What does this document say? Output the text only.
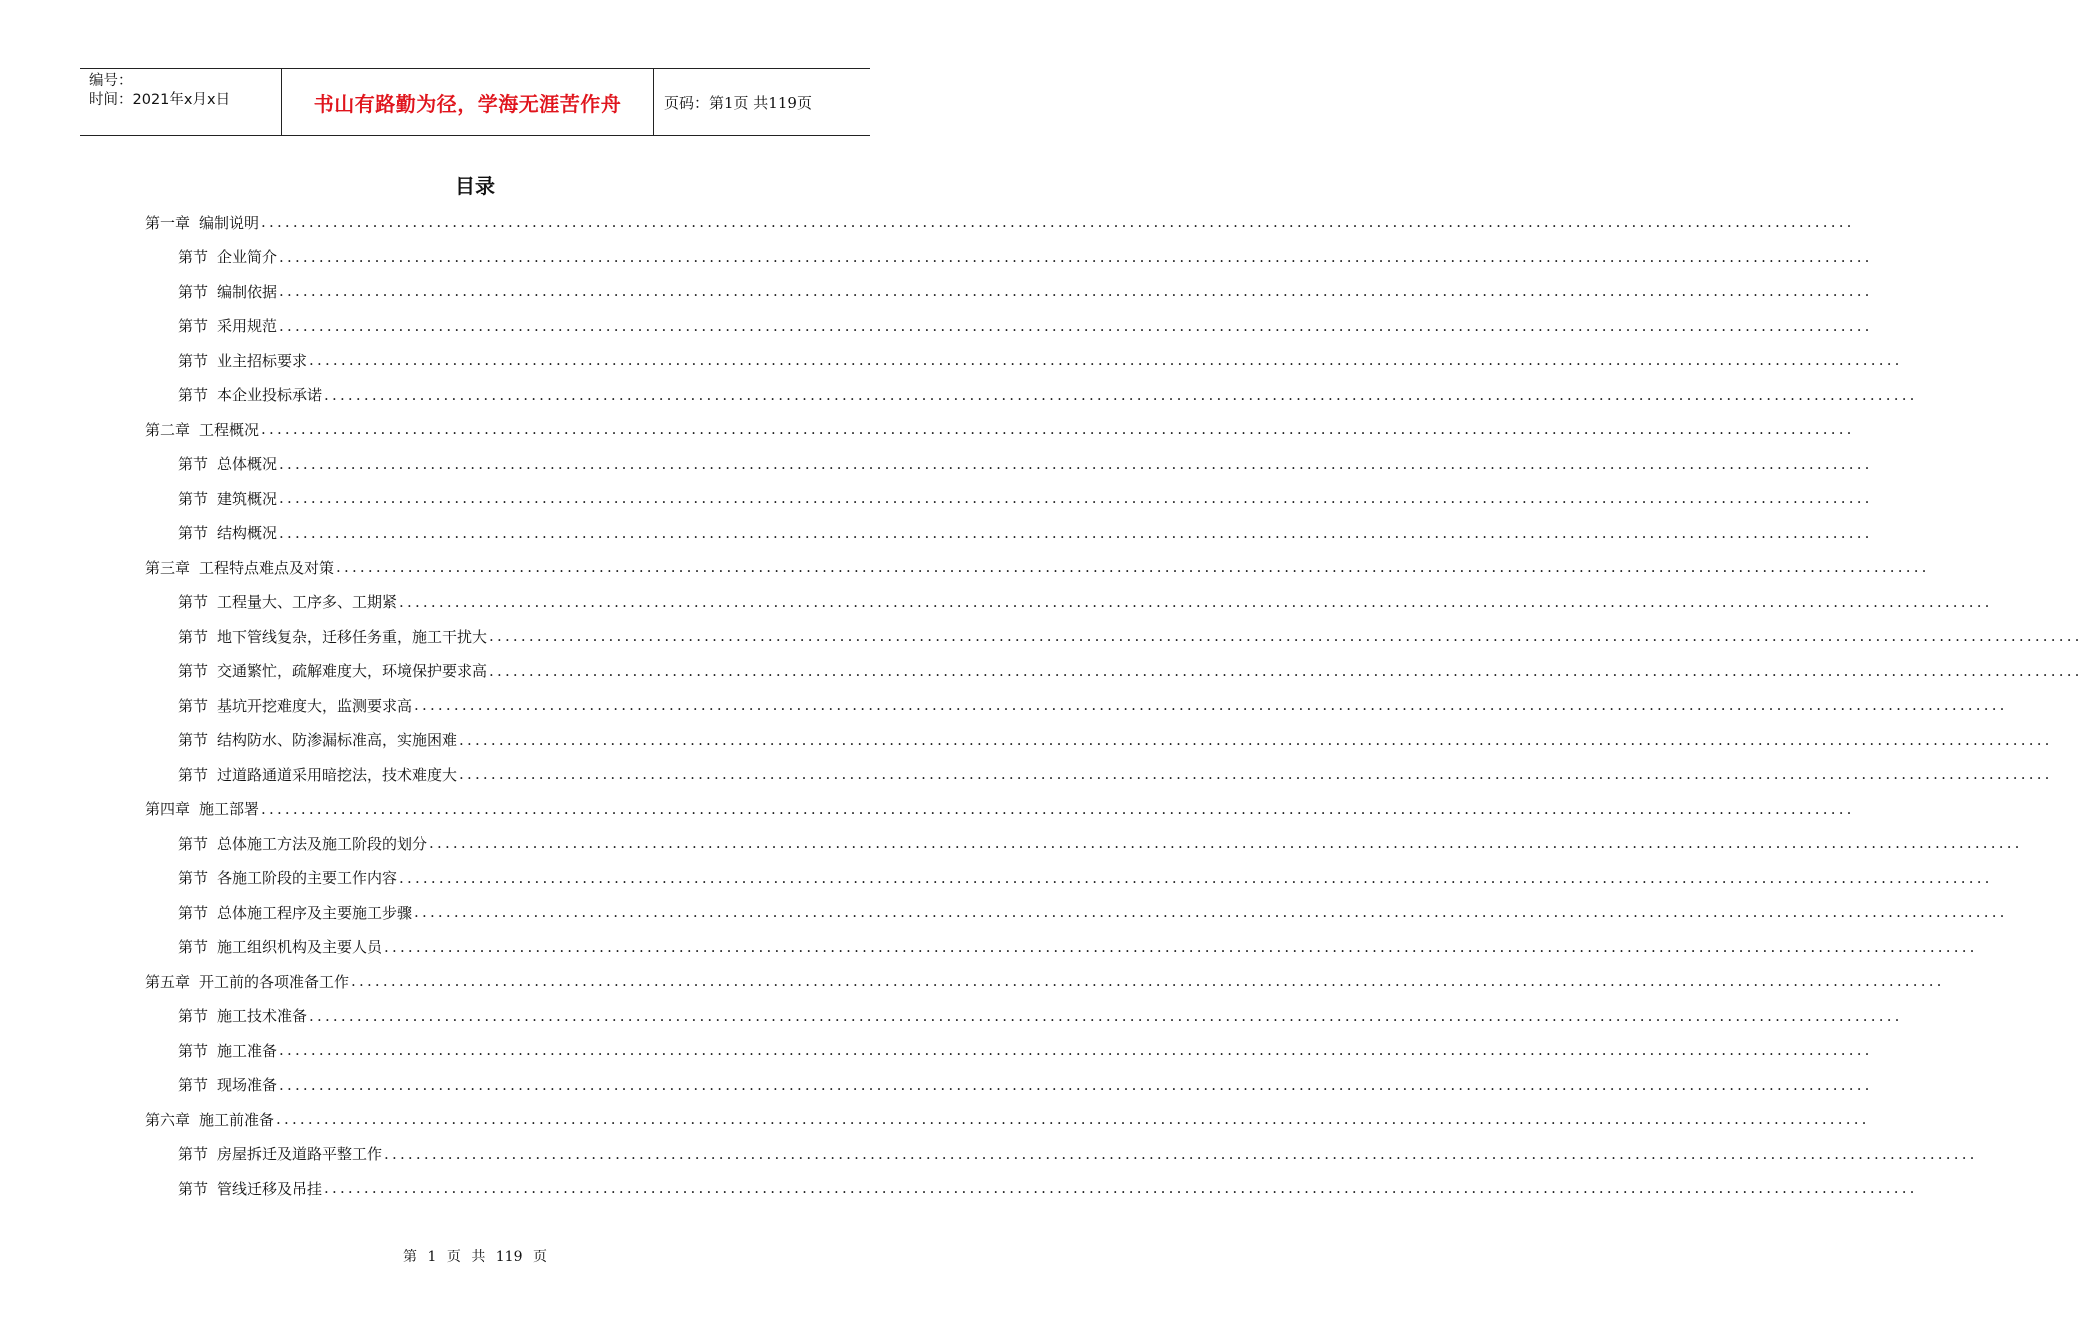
编号：
时间：2021年x月x日	书山有路勤为径，学海无涯苦作舟	页码：第1页 共119页
目录
第一章 编制说明 ........................................................................................................................................................................................................
第节 企业简介 ........................................................................................................................................................................................................
第节 编制依据 ........................................................................................................................................................................................................
第节 采用规范 ........................................................................................................................................................................................................
第节 业主招标要求 ........................................................................................................................................................................................................
第节 本企业投标承诺 ........................................................................................................................................................................................................
第二章 工程概况 ........................................................................................................................................................................................................
第节 总体概况 ........................................................................................................................................................................................................
第节 建筑概况 ........................................................................................................................................................................................................
第节 结构概况 ........................................................................................................................................................................................................
第三章 工程特点难点及对策 ........................................................................................................................................................................................................
第节 工程量大、工序多、工期紧 ........................................................................................................................................................................................................
第节 地下管线复杂，迁移任务重，施工干扰大 ........................................................................................................................................................................................................
第节 交通繁忙，疏解难度大，环境保护要求高 ........................................................................................................................................................................................................
第节 基坑开挖难度大，监测要求高 ........................................................................................................................................................................................................
第节 结构防水、防渗漏标准高，实施困难 ........................................................................................................................................................................................................
第节 过道路通道采用暗挖法，技术难度大 ........................................................................................................................................................................................................
第四章 施工部署 ........................................................................................................................................................................................................
第节 总体施工方法及施工阶段的划分 ........................................................................................................................................................................................................
第节 各施工阶段的主要工作内容 ........................................................................................................................................................................................................
第节 总体施工程序及主要施工步骤 ........................................................................................................................................................................................................
第节 施工组织机构及主要人员 ........................................................................................................................................................................................................
第五章 开工前的各项准备工作 ........................................................................................................................................................................................................
第节 施工技术准备 ........................................................................................................................................................................................................
第节 施工准备 ........................................................................................................................................................................................................
第节 现场准备 ........................................................................................................................................................................................................
第六章 施工前准备 ........................................................................................................................................................................................................
第节 房屋拆迁及道路平整工作 ........................................................................................................................................................................................................
第节 管线迁移及吊挂 ........................................................................................................................................................................................................
第 1 页 共 119 页
